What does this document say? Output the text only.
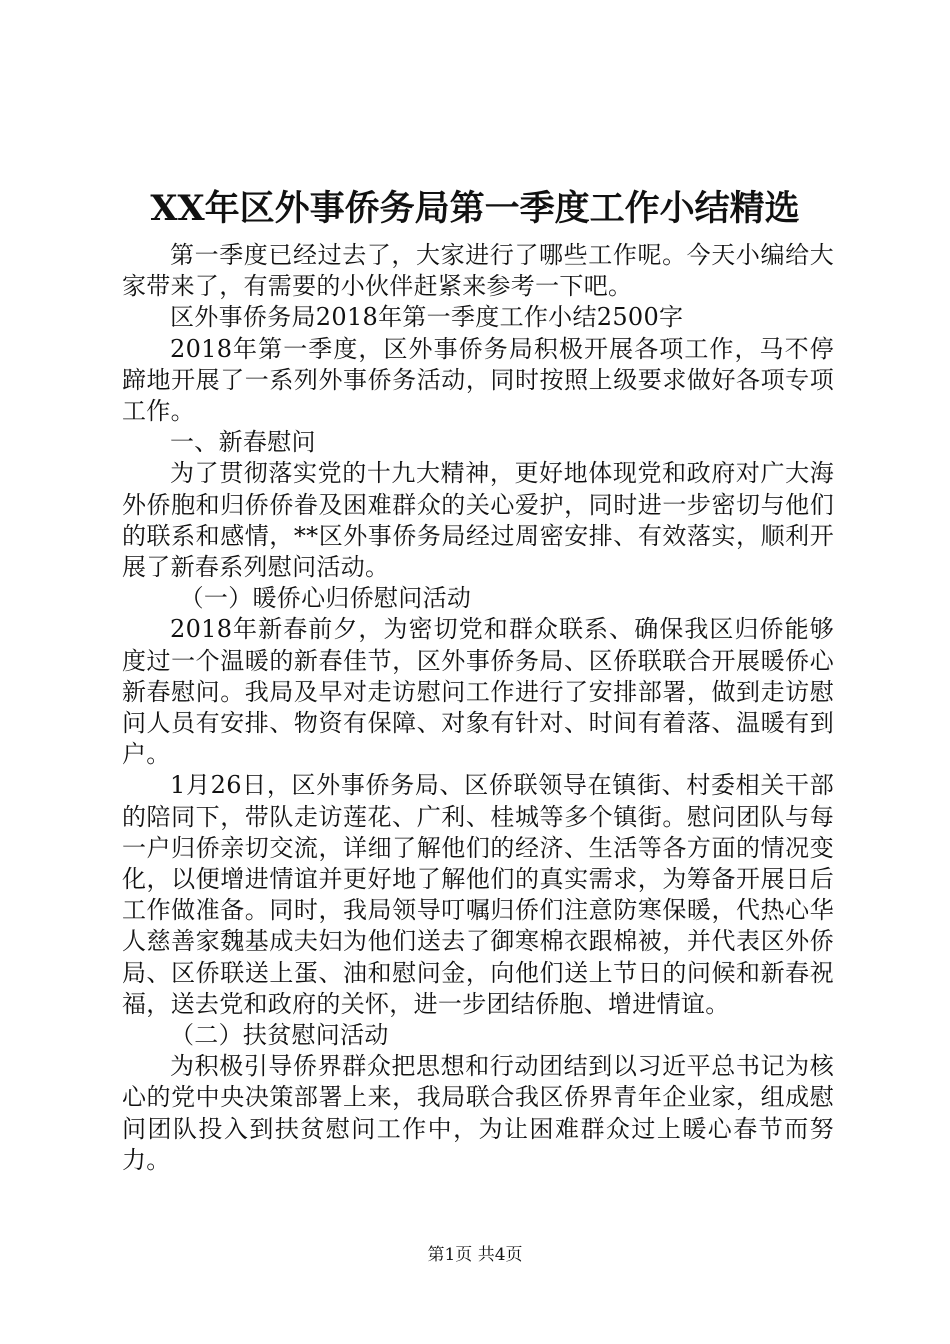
XX年区外事侨务局第一季度工作小结精选

第一季度已经过去了，大家进行了哪些工作呢。今天小编给大家带来了，有需要的小伙伴赶紧来参考一下吧。

区外事侨务局2018年第一季度工作小结2500字

2018年第一季度，区外事侨务局积极开展各项工作，马不停蹄地开展了一系列外事侨务活动，同时按照上级要求做好各项专项工作。

一、新春慰问

为了贯彻落实党的十九大精神，更好地体现党和政府对广大海外侨胞和归侨侨眷及困难群众的关心爱护，同时进一步密切与他们的联系和感情，**区外事侨务局经过周密安排、有效落实，顺利开展了新春系列慰问活动。

（一）暖侨心归侨慰问活动

2018年新春前夕，为密切党和群众联系、确保我区归侨能够度过一个温暖的新春佳节，区外事侨务局、区侨联联合开展暖侨心新春慰问。我局及早对走访慰问工作进行了安排部署，做到走访慰问人员有安排、物资有保障、对象有针对、时间有着落、温暖有到户。

1月26日，区外事侨务局、区侨联领导在镇街、村委相关干部的陪同下，带队走访莲花、广利、桂城等多个镇街。慰问团队与每一户归侨亲切交流，详细了解他们的经济、生活等各方面的情况变化，以便增进情谊并更好地了解他们的真实需求，为筹备开展日后工作做准备。同时，我局领导叮嘱归侨们注意防寒保暖，代热心华人慈善家魏基成夫妇为他们送去了御寒棉衣跟棉被，并代表区外侨局、区侨联送上蛋、油和慰问金，向他们送上节日的问候和新春祝福，送去党和政府的关怀，进一步团结侨胞、增进情谊。

（二）扶贫慰问活动

为积极引导侨界群众把思想和行动团结到以习近平总书记为核心的党中央决策部署上来，我局联合我区侨界青年企业家，组成慰问团队投入到扶贫慰问工作中，为让困难群众过上暖心春节而努力。

第1页 共4页
